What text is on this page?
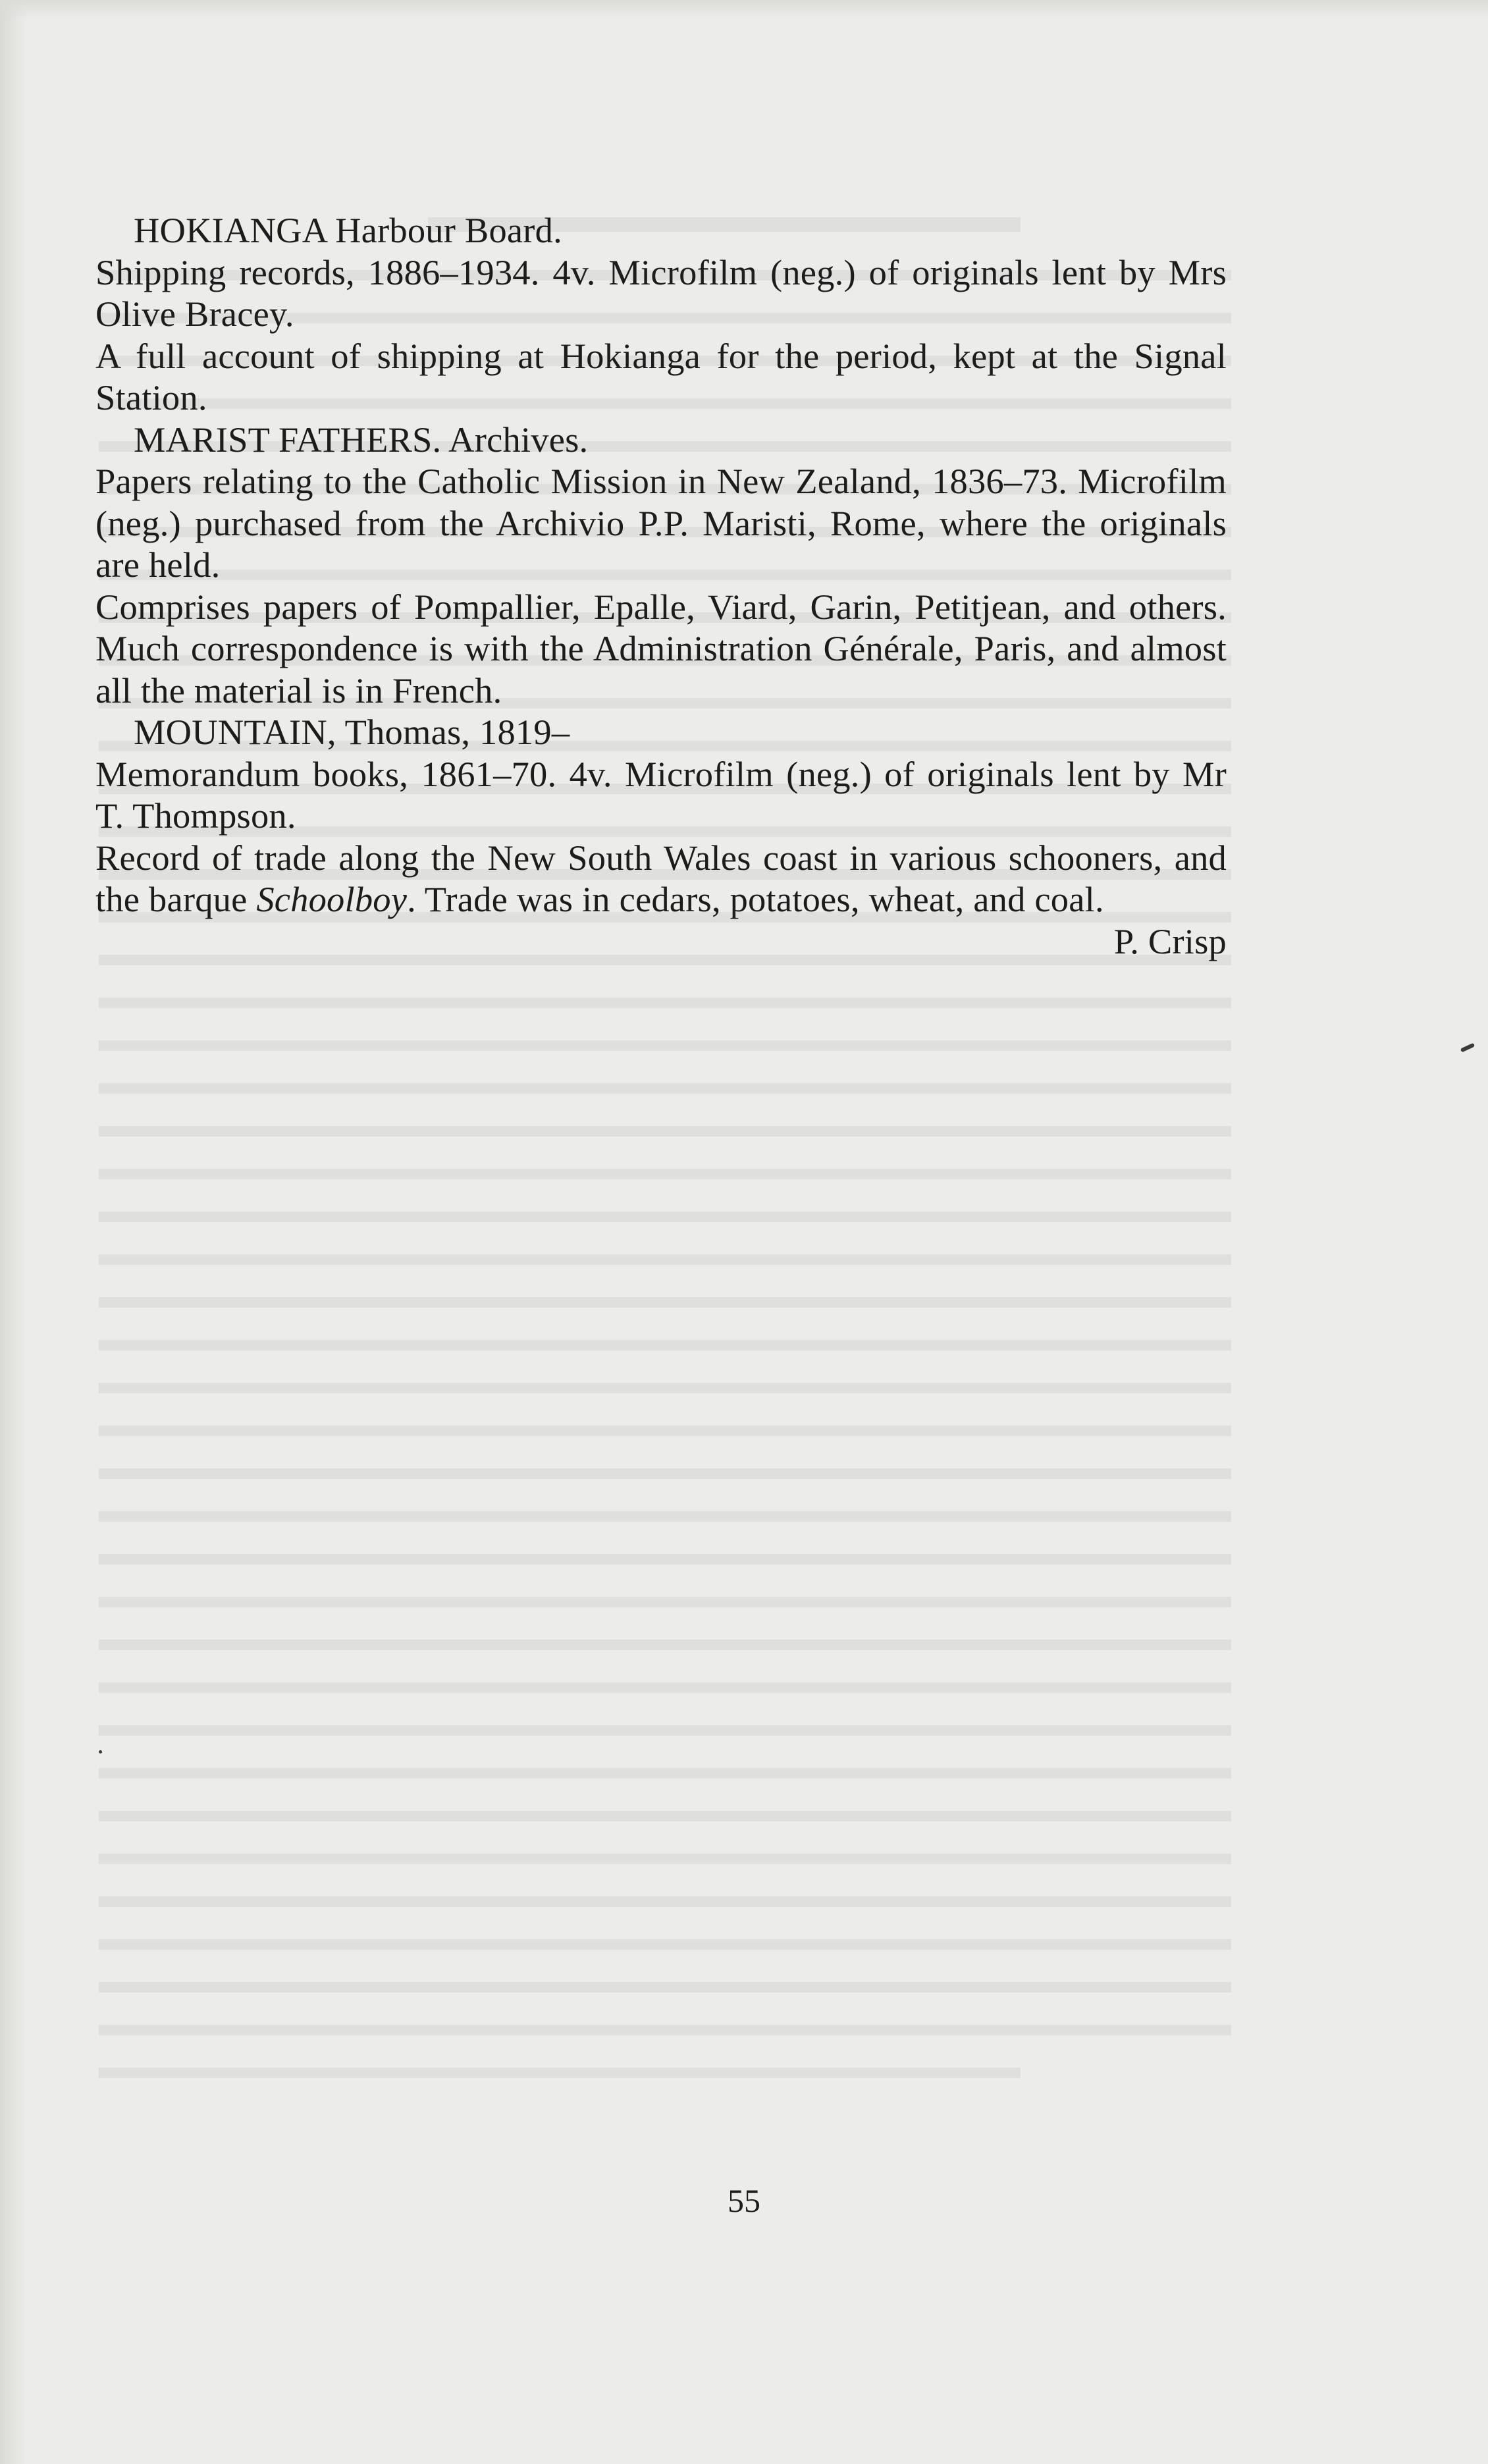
HOKIANGA Harbour Board.

Shipping records, 1886–1934. 4v. Microfilm (neg.) of originals lent by Mrs Olive Bracey.

A full account of shipping at Hokianga for the period, kept at the Signal Station.

MARIST FATHERS. Archives.

Papers relating to the Catholic Mission in New Zealand, 1836–73. Microfilm (neg.) purchased from the Archivio P.P. Maristi, Rome, where the originals are held.

Comprises papers of Pompallier, Epalle, Viard, Garin, Petitjean, and others. Much correspondence is with the Administration Générale, Paris, and almost all the material is in French.

MOUNTAIN, Thomas, 1819–

Memorandum books, 1861–70. 4v. Microfilm (neg.) of originals lent by Mr T. Thompson.

Record of trade along the New South Wales coast in various schooners, and the barque Schoolboy. Trade was in cedars, potatoes, wheat, and coal.

P. Crisp

55
